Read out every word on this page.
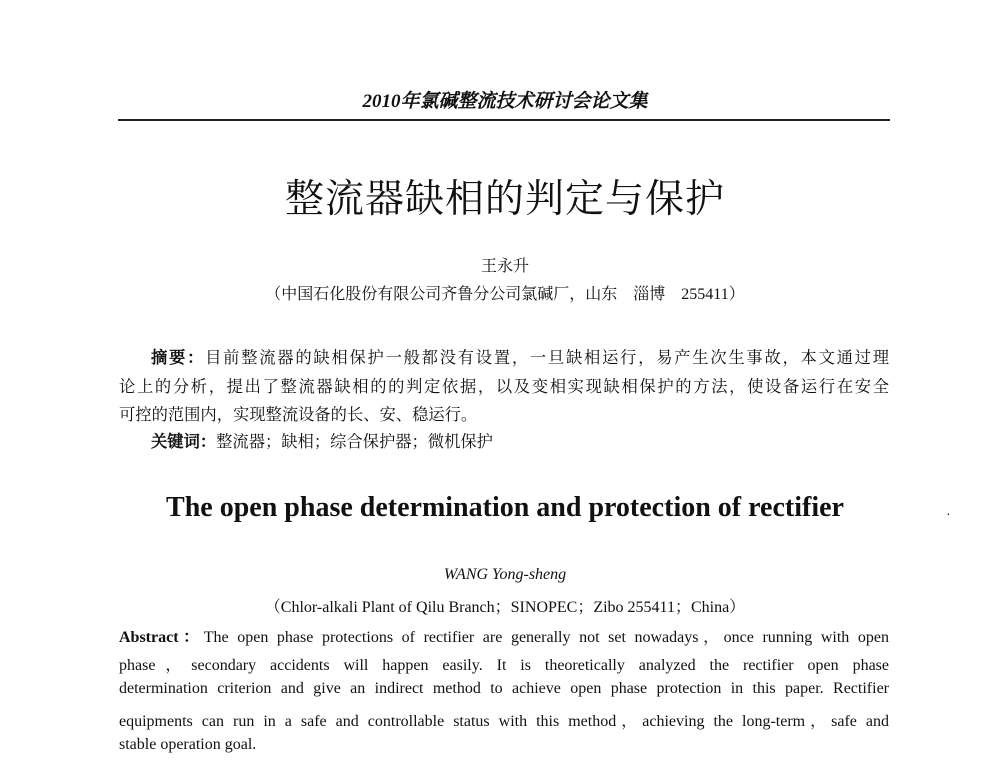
2010年氯碱整流技术研讨会论文集
整流器缺相的判定与保护
王永升
（中国石化股份有限公司齐鲁分公司氯碱厂，山东　淄博　255411）
摘要：目前整流器的缺相保护一般都没有设置，一旦缺相运行，易产生次生事故，本文通过理
论上的分析，提出了整流器缺相的的判定依据，以及变相实现缺相保护的方法，使设备运行在安全
可控的范围内，实现整流设备的长、安、稳运行。
关键词：整流器；缺相；综合保护器；微机保护
The open phase determination and protection of rectifier	·
WANG Yong-sheng
（Chlor-alkali Plant of Qilu Branch；SINOPEC；Zibo 255411；China）
Abstract：The open phase protections of rectifier are generally not set nowadays，once running with open
phase，secondary accidents will happen easily. It is theoretically analyzed the rectifier open phase
determination criterion and give an indirect method to achieve open phase protection in this paper. Rectifier
equipments can run in a safe and controllable status with this method，achieving the long-term，safe and
stable operation goal.
